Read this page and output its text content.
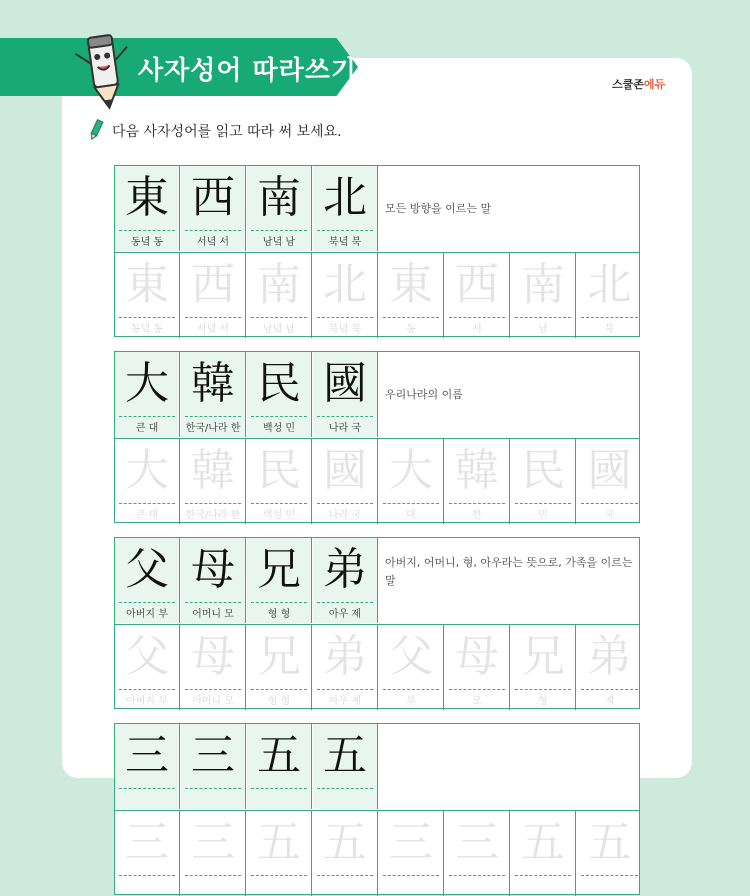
사자성어 따라쓰기	스쿨존에듀
다음 사자성어를 읽고 따라 써 보세요.
東
동녘 동
西
서녘 서
南
남녘 남
北
북녘 북
모든 방향을 이르는 말
東
동녘 동
西
서녘 서
南
남녘 남
北
북녘 북
東
동
西
서
南
남
北
북
大
큰 대
韓
한국/나라 한
民
백성 민
國
나라 국
우리나라의 이름
大
큰 대
韓
한국/나라 한
民
백성 민
國
나라 국
大
대
韓
한
民
민
國
국
父
아버지 부
母
어머니 모
兄
형 형
弟
아우 제
아버지, 어머니, 형, 아우라는 뜻으로, 가족을 이르는 말
父
아버지 부
母
어머니 모
兄
형 형
弟
아우 제
父
부
母
모
兄
형
弟
제
三 三 五 五
三 三 五 五 三 三 五 五
